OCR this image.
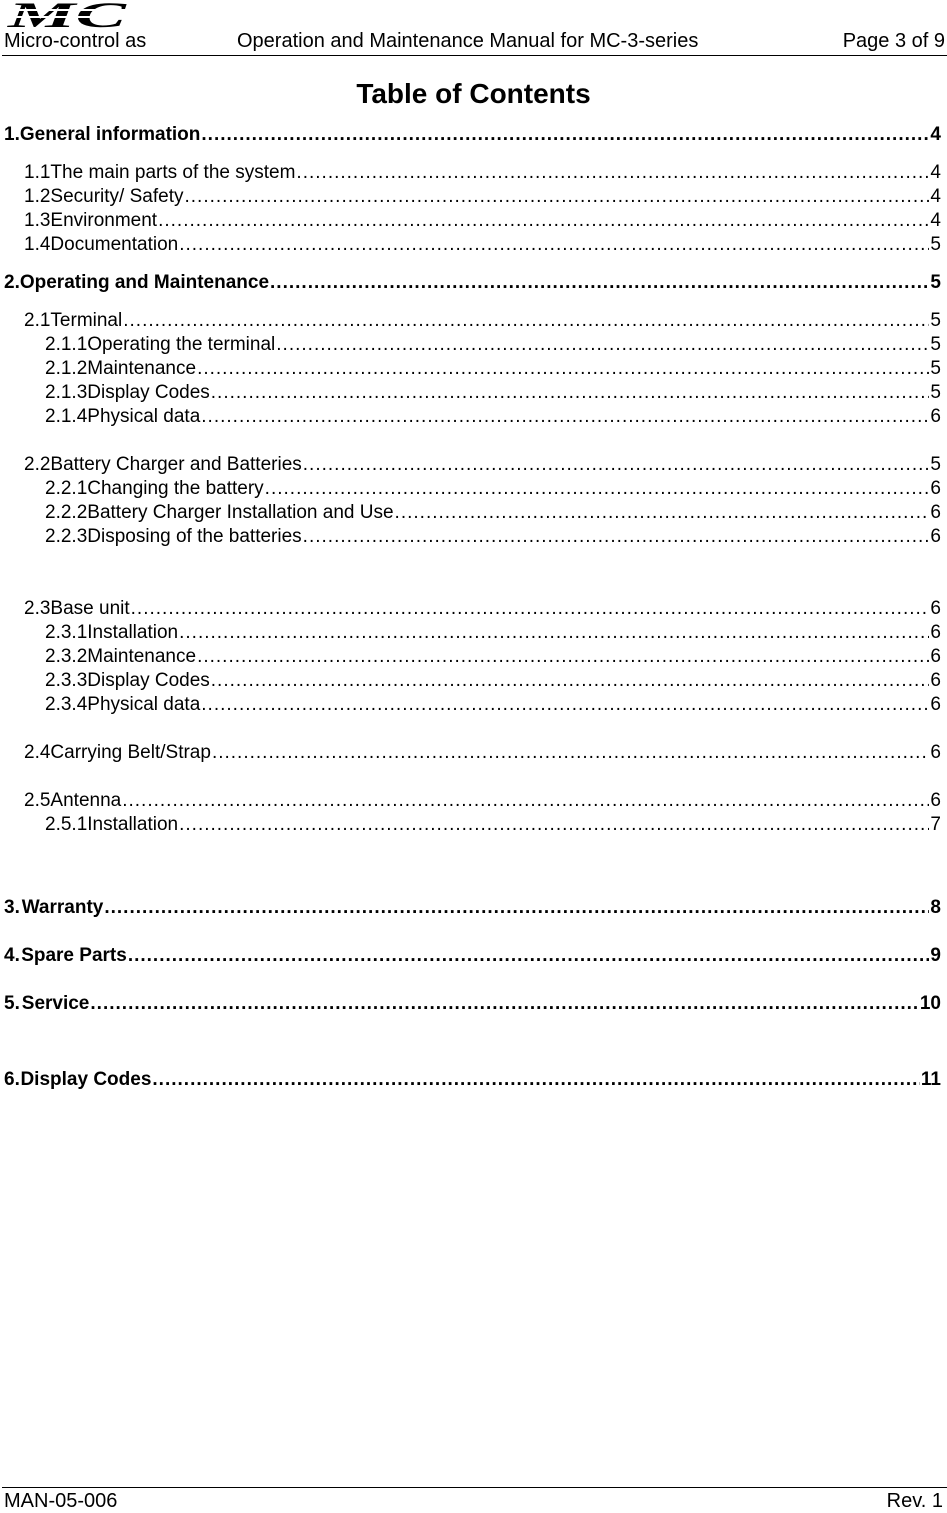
MC
Micro-control as	Operation and Maintenance Manual for MC-3-series	Page 3 of 9
Table of Contents
1. General information .....	4
1.1 The main parts of the system .....	4
1.2 Security/ Safety .....	4
1.3 Environment .....	4
1.4 Documentation .....	5
2. Operating and Maintenance .....	5
2.1 Terminal .....	5
2.1.1 Operating the terminal .....	5
2.1.2 Maintenance .....	5
2.1.3 Display Codes .....	5
2.1.4 Physical data .....	6
2.2 Battery Charger and Batteries .....	5
2.2.1 Changing the battery .....	6
2.2.2 Battery Charger Installation and Use .....	6
2.2.3 Disposing of the batteries .....	6
2.3 Base unit .....	6
2.3.1 Installation .....	6
2.3.2 Maintenance .....	6
2.3.3 Display Codes .....	6
2.3.4 Physical data .....	6
2.4 Carrying Belt/Strap .....	6
2.5 Antenna .....	6
2.5.1 Installation .....	7
3. Warranty .....	8
4. Spare Parts .....	9
5. Service .....	10
6. Display Codes .....	11
MAN-05-006	Rev. 1
